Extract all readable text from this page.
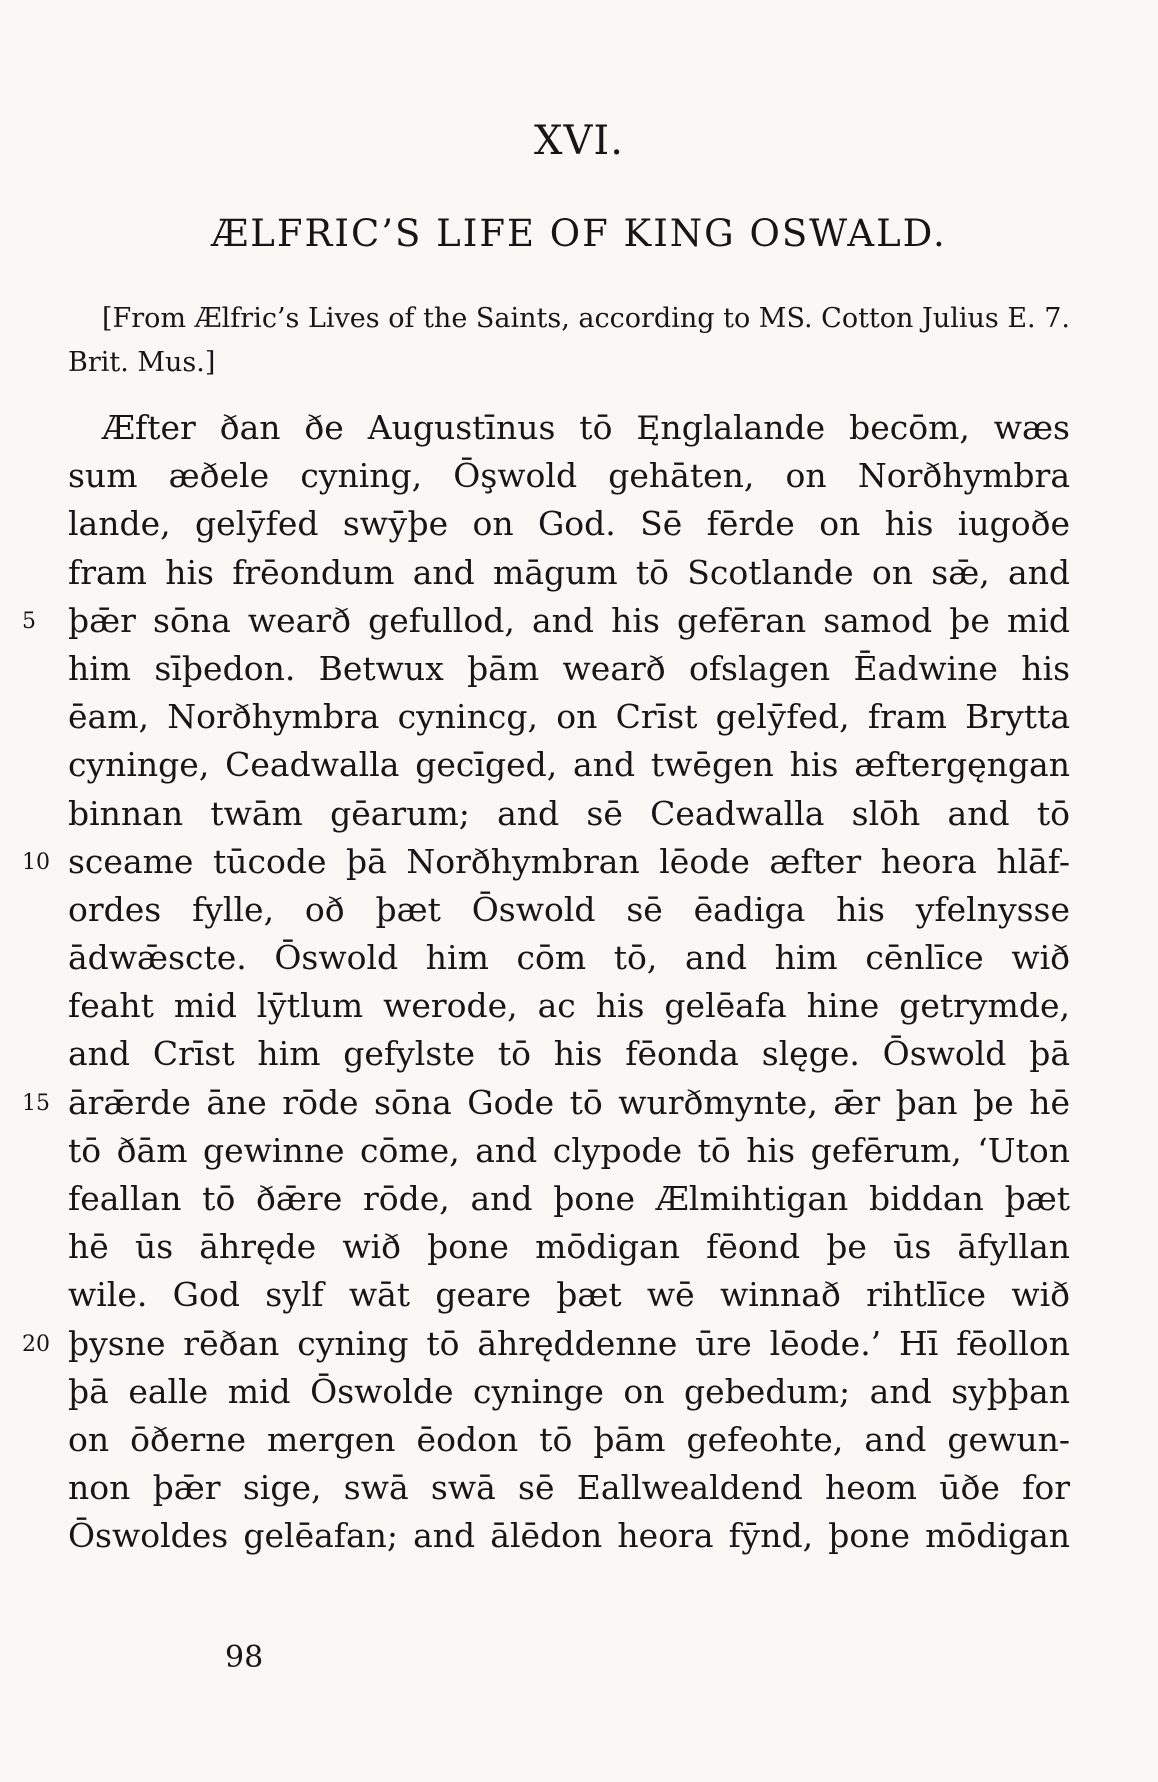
XVI.
ÆLFRIC’S LIFE OF KING OSWALD.
[From Ælfric’s Lives of the Saints, according to MS. Cotton Julius E. 7. Brit. Mus.]
Æfter ðan ðe Augustīnus tō Ęnglalande becōm, wæs
sum æðele cyning, Ōşwold gehāten, on Norðhymbra
lande, gelӯfed swӯþe on God. Sē fērde on his iugoðe
fram his frēondum and māgum tō Scotlande on sǣ, and
5 þǣr sōna wearð gefullod, and his gefēran samod þe mid
him sīþedon. Betwux þām wearð ofslagen Ēadwine his
ēam, Norðhymbra cynincg, on Crīst gelӯfed, fram Brytta
cyninge, Ceadwalla gecīged, and twēgen his æftergęngan
binnan twām gēarum; and sē Ceadwalla slōh and tō
10 sceame tūcode þā Norðhymbran lēode æfter heora hlāf-
ordes fylle, oð þæt Ōswold sē ēadiga his yfelnysse
ādwǣscte. Ōswold him cōm tō, and him cēnlīce wið
feaht mid lӯtlum werode, ac his gelēafa hine getrymde,
and Crīst him gefylste tō his fēonda slęge. Ōswold þā
15 ārǣrde āne rōde sōna Gode tō wurðmynte, ǣr þan þe hē
tō ðām gewinne cōme, and clypode tō his gefērum, ‘Uton
feallan tō ðǣre rōde, and þone Ælmihtigan biddan þæt
hē ūs āhręde wið þone mōdigan fēond þe ūs āfyllan
wile. God sylf wāt geare þæt wē winnað rihtlīce wið
20 þysne rēðan cyning tō āhręddenne ūre lēode.’ Hī fēollon
þā ealle mid Ōswolde cyninge on gebedum; and syþþan
on ōðerne mergen ēodon tō þām gefeohte, and gewun-
non þǣr sige, swā swā sē Eallwealdend heom ūðe for
Ōswoldes gelēafan; and ālēdon heora fӯnd, þone mōdigan
98
